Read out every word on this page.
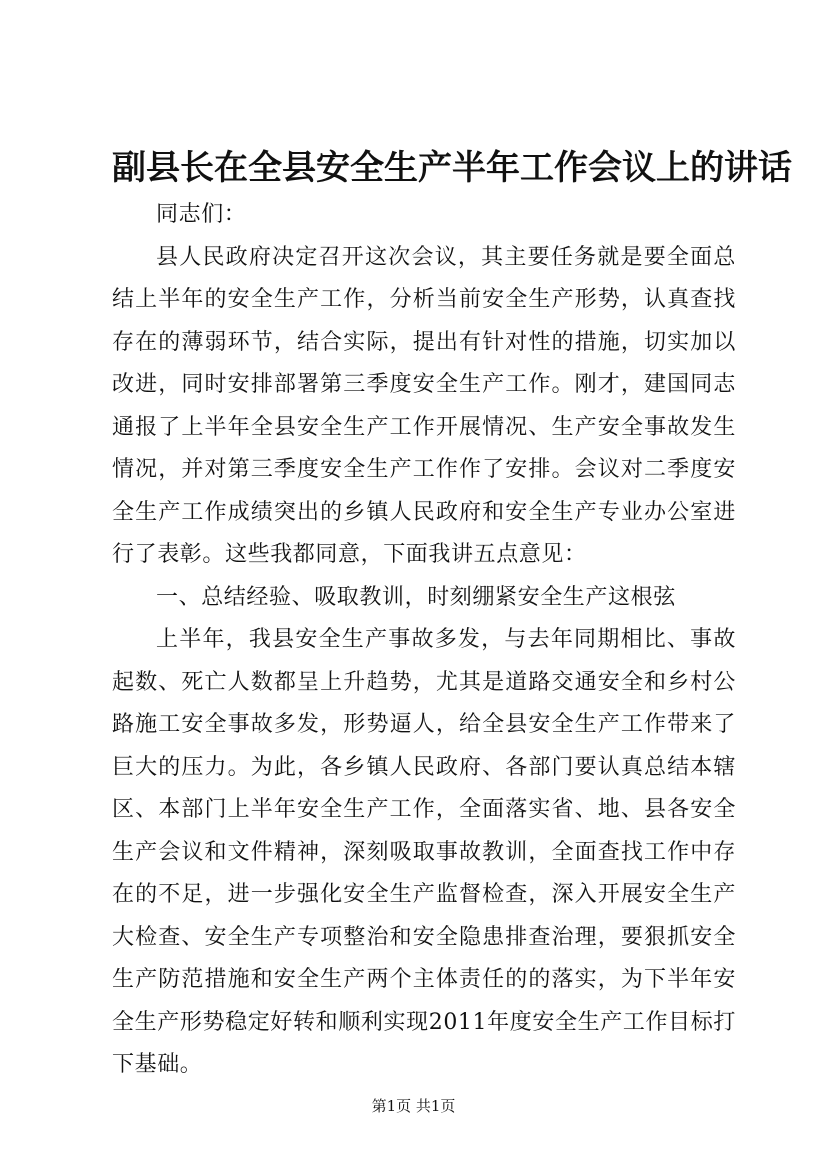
副县长在全县安全生产半年工作会议上的讲话

同志们：

县人民政府决定召开这次会议，其主要任务就是要全面总结上半年的安全生产工作，分析当前安全生产形势，认真查找存在的薄弱环节，结合实际，提出有针对性的措施，切实加以改进，同时安排部署第三季度安全生产工作。刚才，建国同志通报了上半年全县安全生产工作开展情况、生产安全事故发生情况，并对第三季度安全生产工作作了安排。会议对二季度安全生产工作成绩突出的乡镇人民政府和安全生产专业办公室进行了表彰。这些我都同意，下面我讲五点意见：

一、总结经验、吸取教训，时刻绷紧安全生产这根弦

上半年，我县安全生产事故多发，与去年同期相比、事故起数、死亡人数都呈上升趋势，尤其是道路交通安全和乡村公路施工安全事故多发，形势逼人，给全县安全生产工作带来了巨大的压力。为此，各乡镇人民政府、各部门要认真总结本辖区、本部门上半年安全生产工作，全面落实省、地、县各安全生产会议和文件精神，深刻吸取事故教训，全面查找工作中存在的不足，进一步强化安全生产监督检查，深入开展安全生产大检查、安全生产专项整治和安全隐患排查治理，要狠抓安全生产防范措施和安全生产两个主体责任的的落实，为下半年安全生产形势稳定好转和顺利实现2011年度安全生产工作目标打下基础。

第1页 共1页
